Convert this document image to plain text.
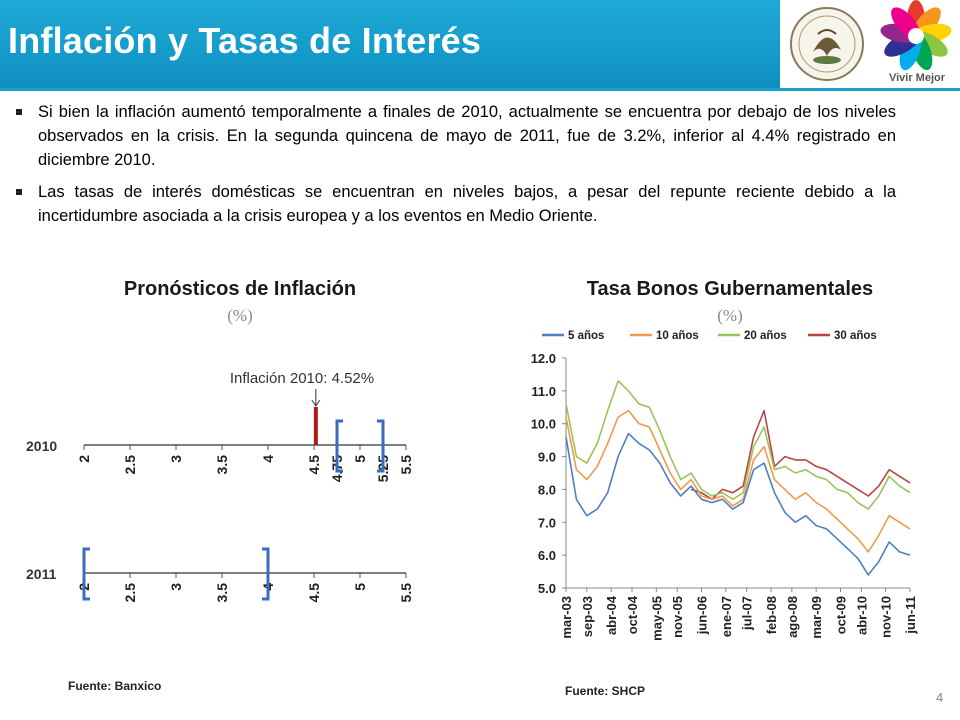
Inflación y Tasas de Interés
Vivir Mejor
Si bien la inflación aumentó temporalmente a finales de 2010, actualmente se encuentra por debajo de los niveles observados en la crisis. En la segunda quincena de mayo de 2011, fue de 3.2%, inferior al 4.4% registrado en diciembre 2010.
Las tasas de interés domésticas se encuentran en niveles bajos, a pesar del repunte reciente debido a la incertidumbre asociada a la crisis europea y a los eventos en Medio Oriente.
Pronósticos de Inflación
(%)
Tasa Bonos Gubernamentales
(%)
2010
2 2.5 3 3.5 4 4.5 4.75 5 5.25 5.5
2011
2 2.5 3 3.5 4 4.5 5 5.5
Inflación 2010: 4.52%
5 años	10 años	20 años	30 años
12.0
11.0
10.0
9.0
8.0
7.0
6.0
5.0
mar-03 sep-03 abr-04 oct-04 may-05 nov-05 jun-06 ene-07 jul-07 feb-08 ago-08 mar-09 oct-09 abr-10 nov-10 jun-11
Fuente: Banxico	Fuente: SHCP	4
